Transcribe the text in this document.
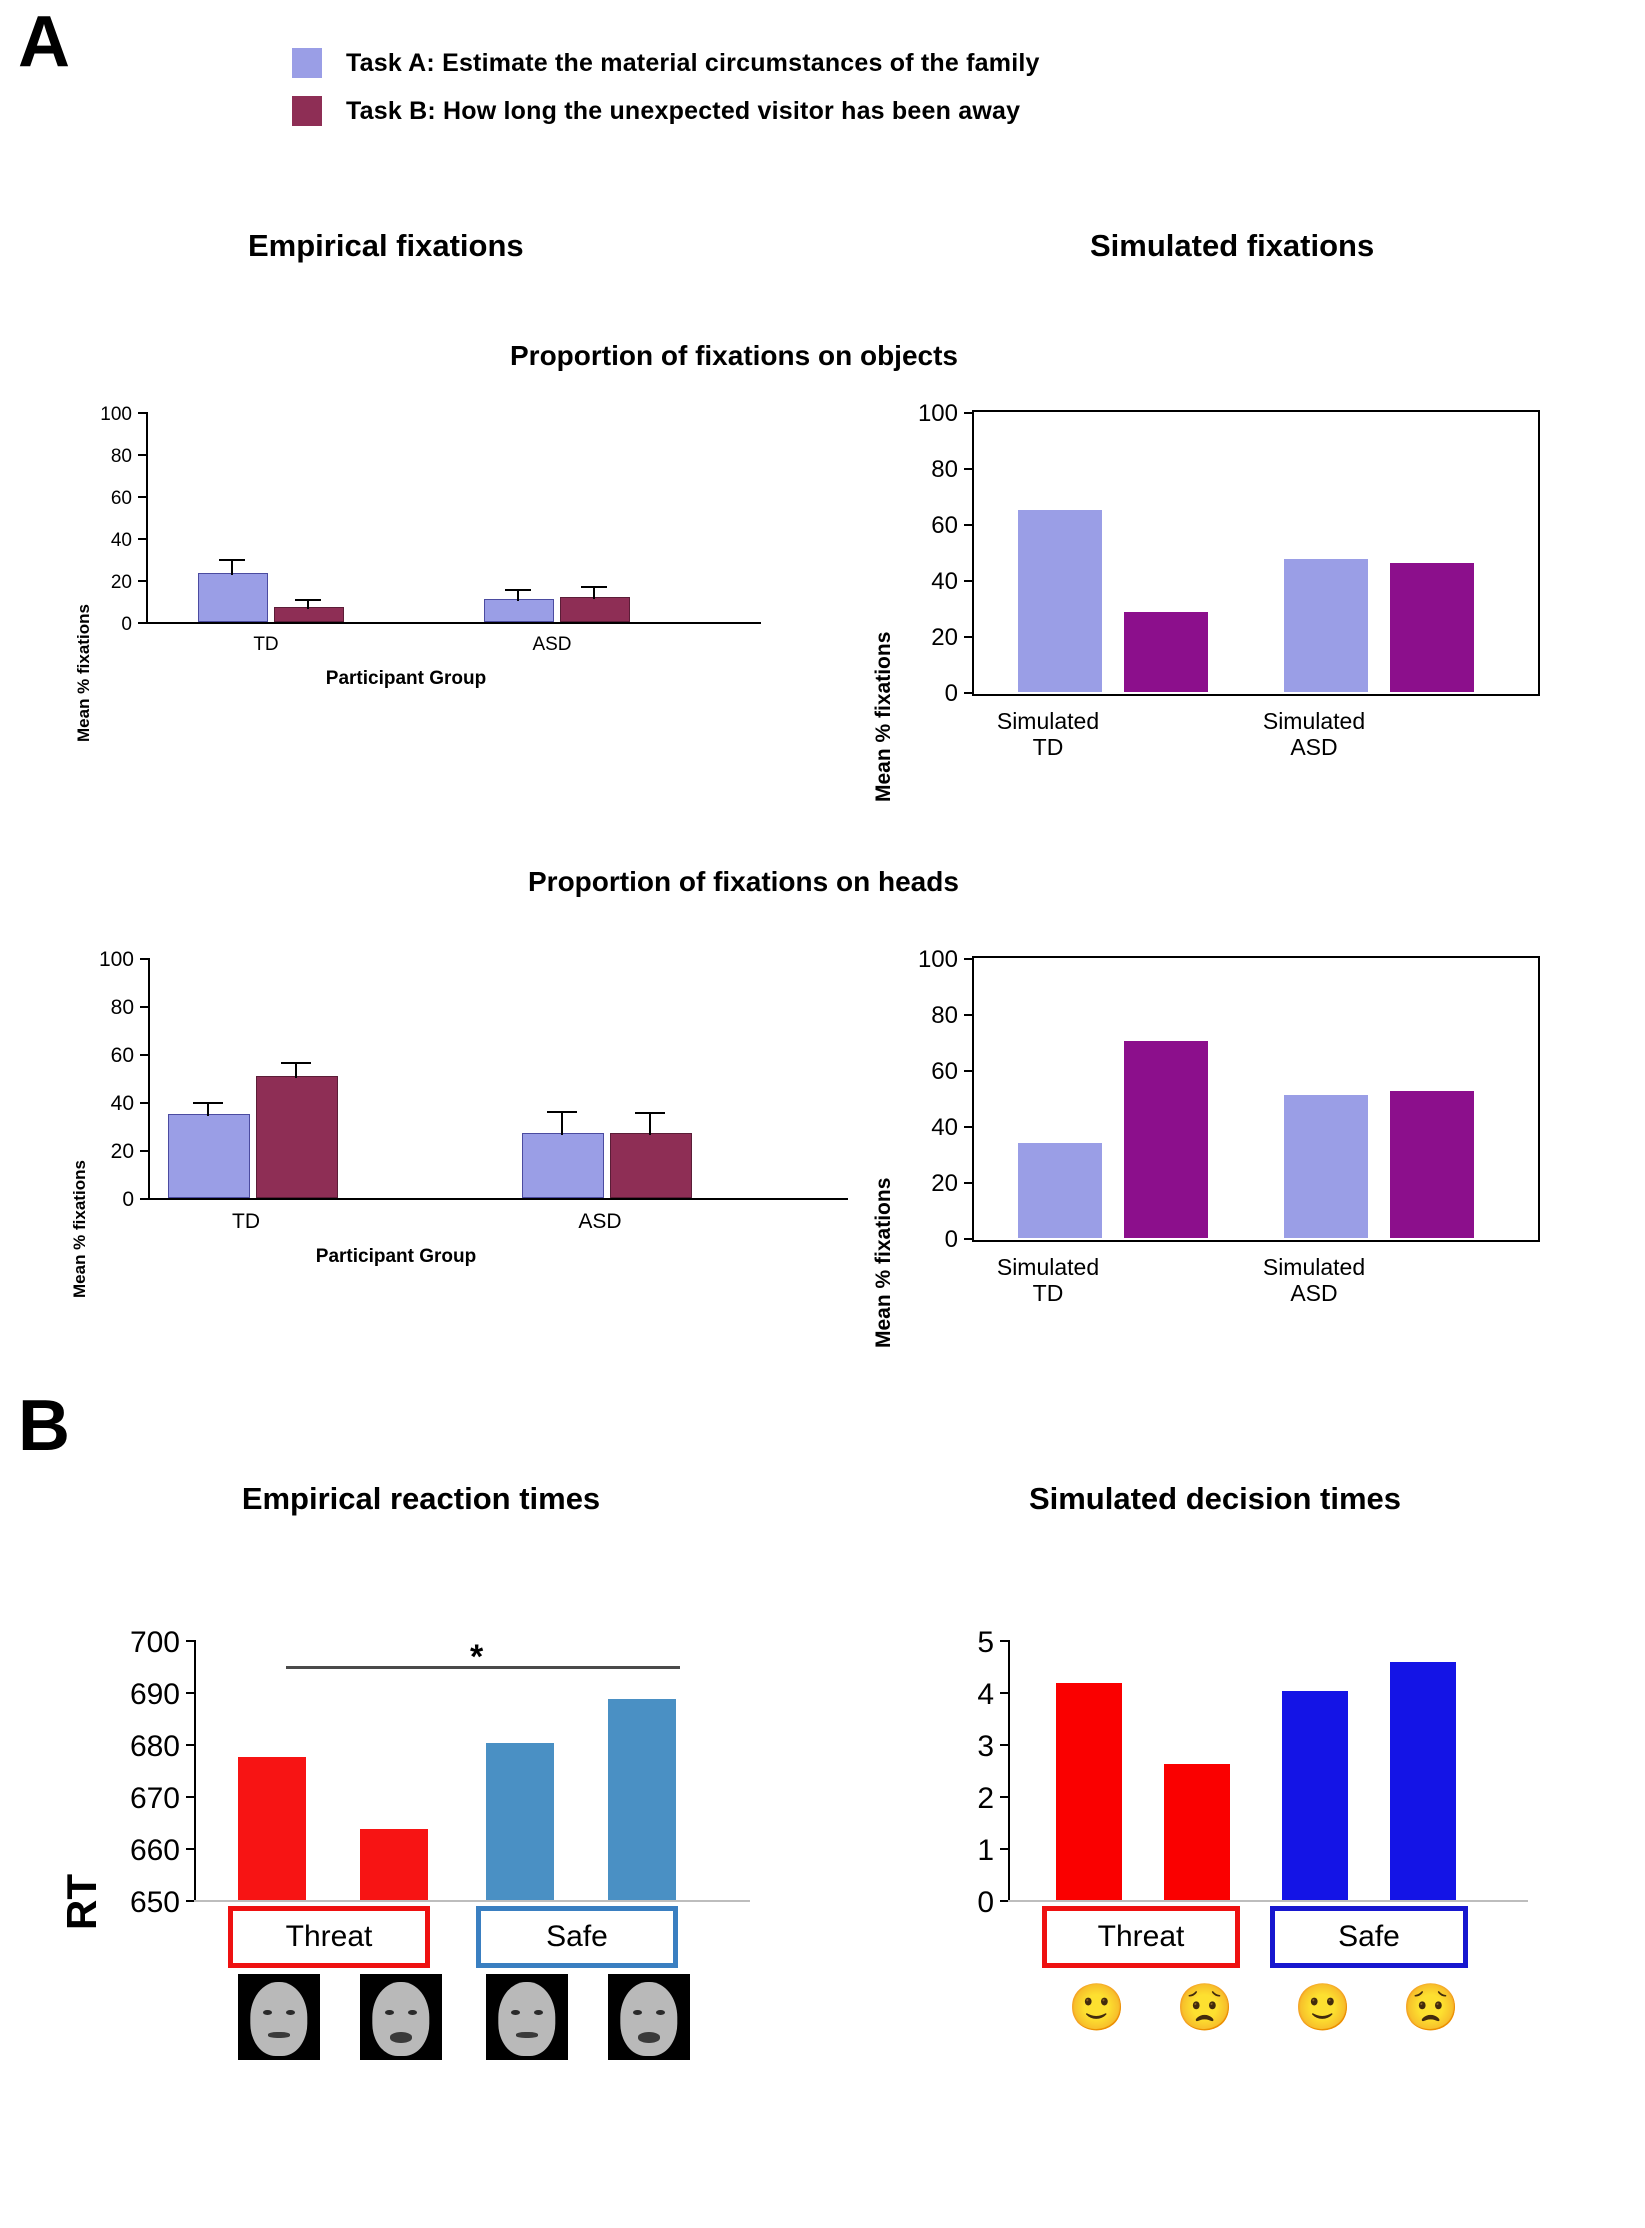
A
B
Task A: Estimate the material circumstances of the family
Task B: How long the unexpected visitor has been away
Empirical fixations	Simulated fixations
Proportion of fixations on objects
Proportion of fixations on heads
Mean % fixations
100
80
60
40
20
0
TD	ASD
Participant Group	Mean % fixations
100
80
60
40
20
0
Simulated
TD
Simulated
ASD
Mean % fixations
100
80
60
40
20
0
TD	ASD
Participant Group	Mean % fixations
100
80
60
40
20
0
Simulated
TD
Simulated
ASD
Empirical reaction times	Simulated decision times
RT
700
690
680
670
660
650
*
Threat	Safe
5
4
3
2
1
0
Threat	Safe
🙂 😟 🙂 😟
